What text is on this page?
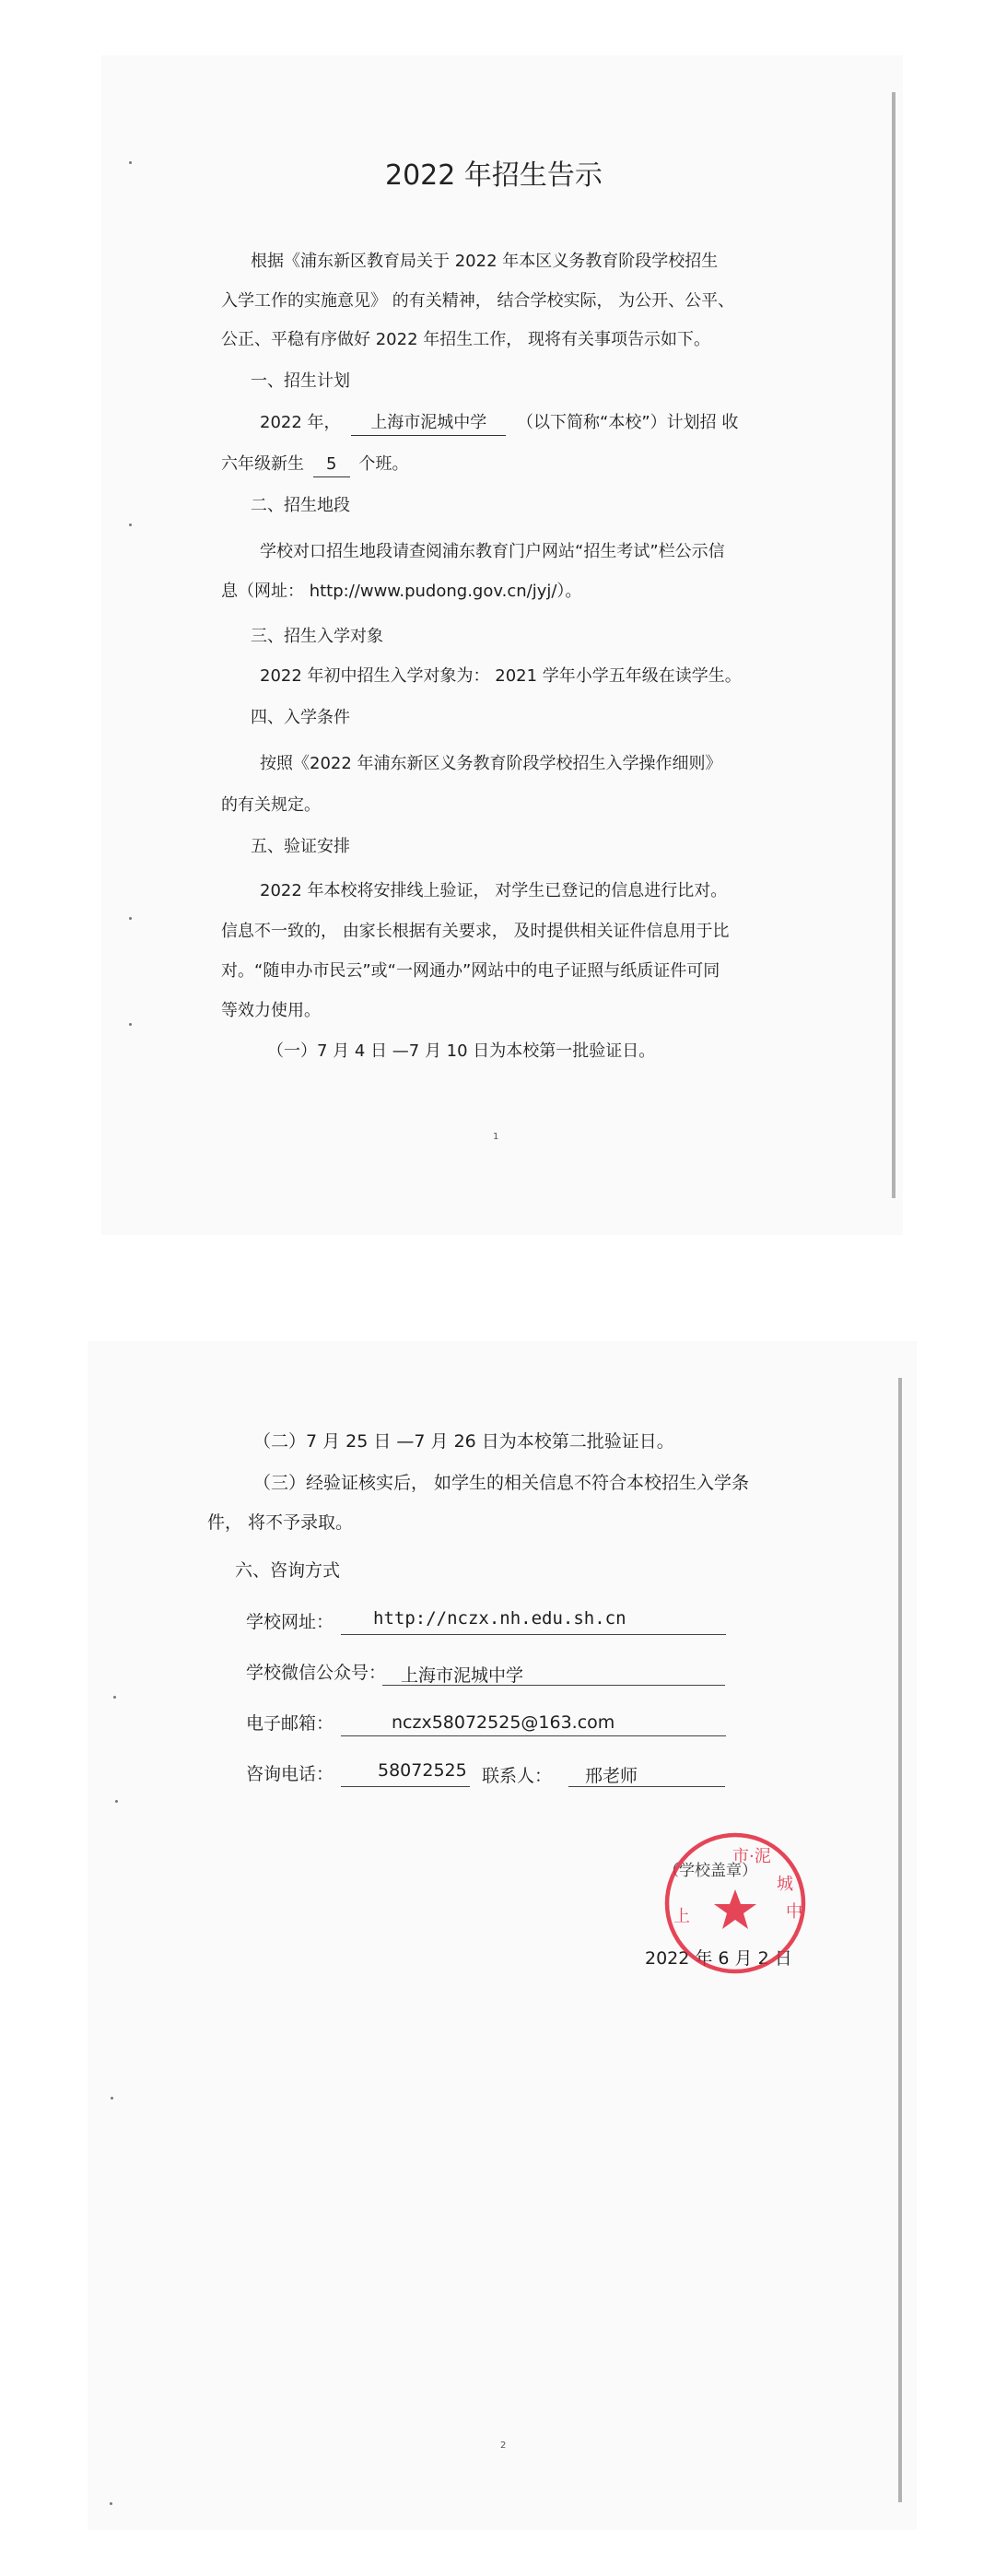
2022 年招生告示
根据《浦东新区教育局关于 2022 年本区义务教育阶段学校招生
入学工作的实施意见》 的有关精神， 结合学校实际， 为公开、公平、
公正、平稳有序做好 2022 年招生工作， 现将有关事项告示如下。
一、招生计划
2022 年， 上海市泥城中学 （以下简称“本校”）计划招 收
六年级新生 5 个班。
二、招生地段
学校对口招生地段请查阅浦东教育门户网站“招生考试”栏公示信
息（网址： http://www.pudong.gov.cn/jyj/）。
三、招生入学对象
2022 年初中招生入学对象为： 2021 学年小学五年级在读学生。
四、入学条件
按照《2022 年浦东新区义务教育阶段学校招生入学操作细则》
的有关规定。
五、验证安排
2022 年本校将安排线上验证， 对学生已登记的信息进行比对。
信息不一致的， 由家长根据有关要求， 及时提供相关证件信息用于比
对。“随申办市民云”或“一网通办”网站中的电子证照与纸质证件可同
等效力使用。
（一）7 月 4 日 —7 月 10 日为本校第一批验证日。
1
（二）7 月 25 日 —7 月 26 日为本校第二批验证日。
（三）经验证核实后， 如学生的相关信息不符合本校招生入学条
件， 将不予录取。
六、咨询方式
学校网址： http://nczx.nh.edu.sh.cn
学校微信公众号： 上海市泥城中学
电子邮箱：	nczx58072525@163.com
咨询电话：	58072525 联系人： 邢老师
（学校盖章）
2022 年 6 月 2 日
市·泥
城
中
上
2
